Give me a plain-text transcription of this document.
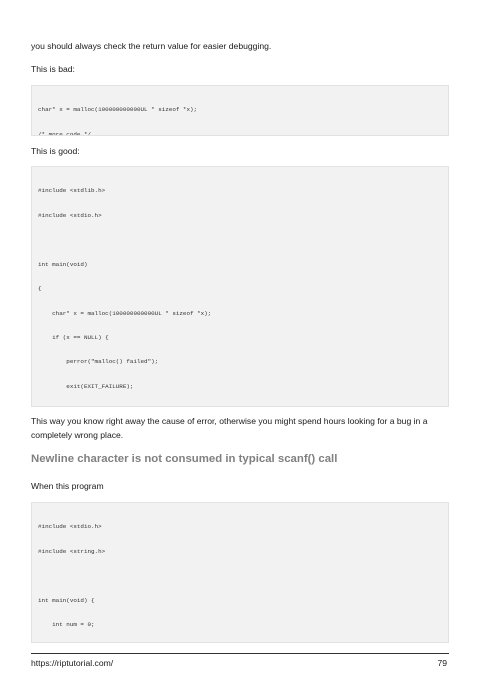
you should always check the return value for easier debugging.
This is bad:

char* x = malloc(100000000000UL * sizeof *x);

/* more code */

This is good:

#include <stdlib.h>

#include <stdio.h>

int main(void)

{

char* x = malloc(100000000000UL * sizeof *x);

if (x == NULL) {

perror("malloc() failed");

exit(EXIT_FAILURE);

This way you know right away the cause of error, otherwise you might spend hours looking for a bug in a completely wrong place.
Newline character is not consumed in typical scanf() call
When this program

#include <stdio.h>

#include <string.h>

int main(void) {

int num = 0;

https://riptutorial.com/	79
